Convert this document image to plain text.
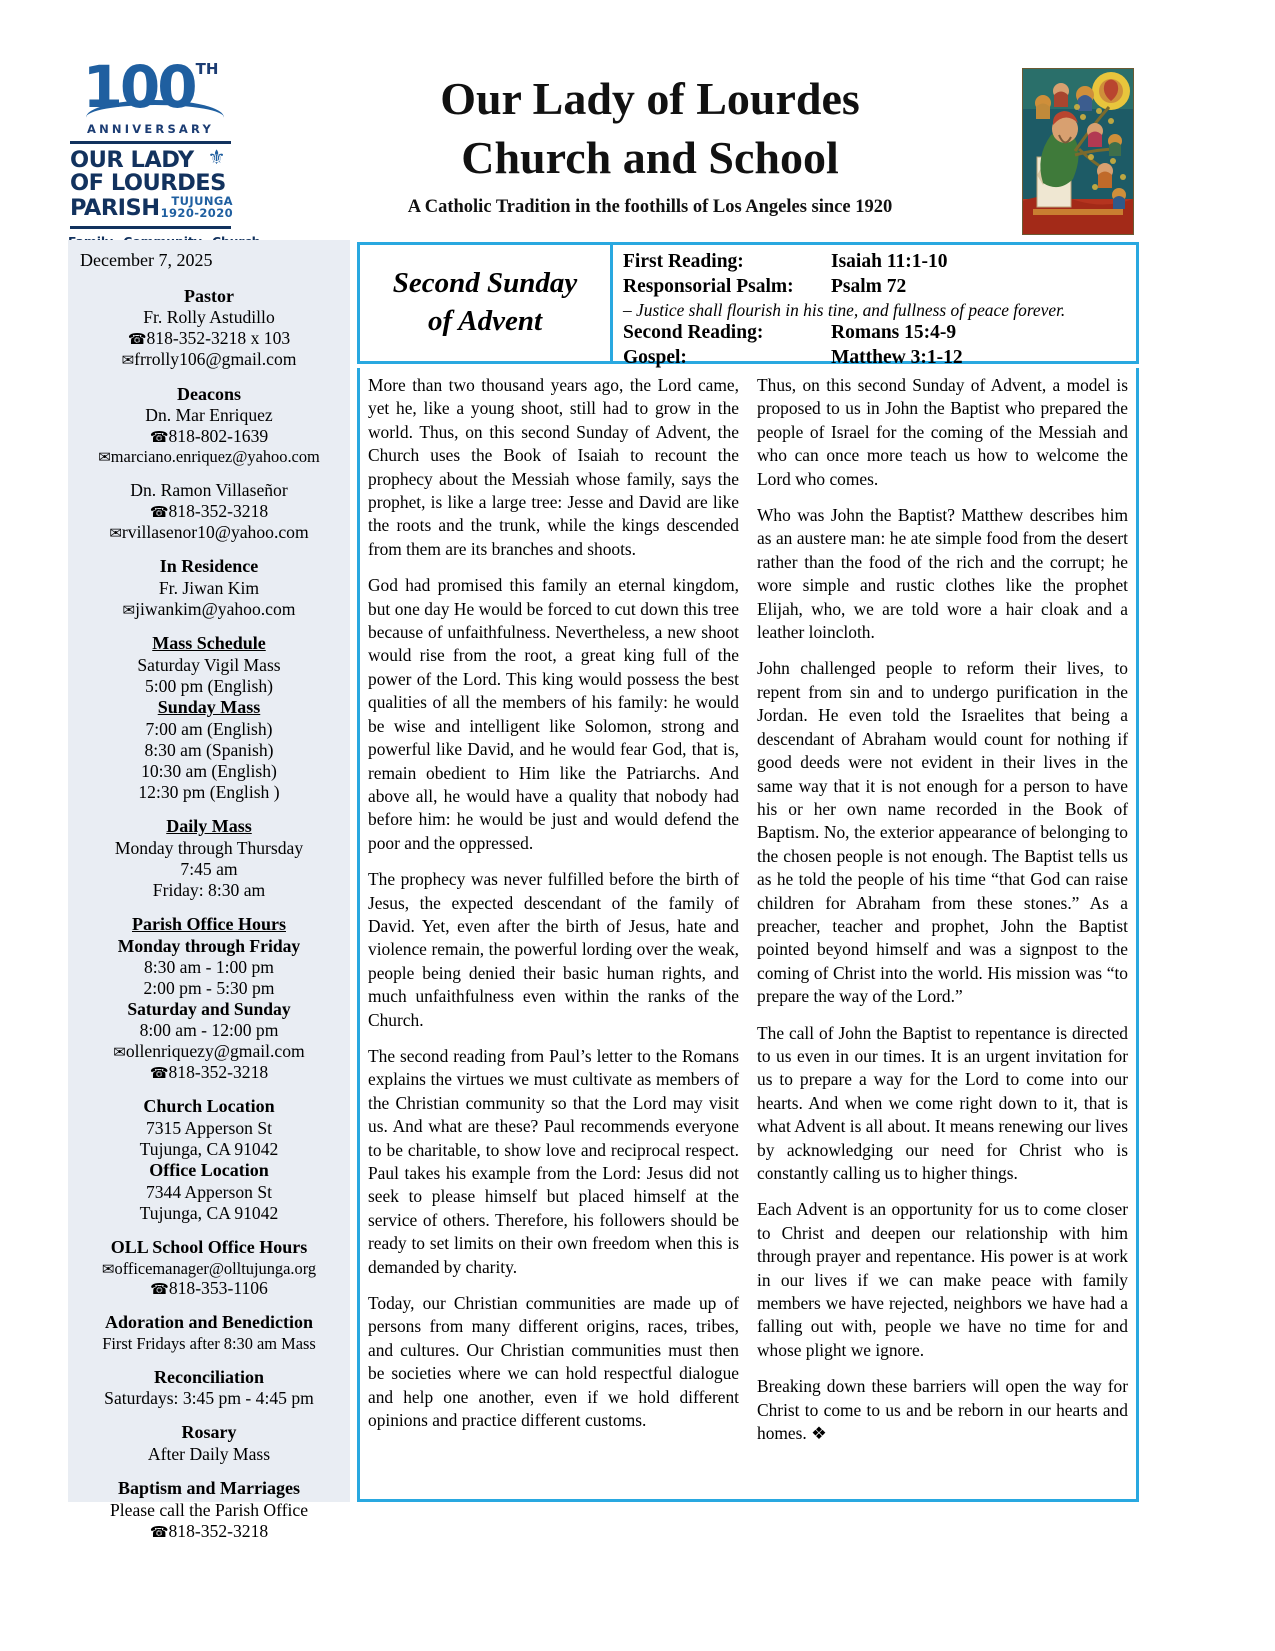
100TH
ANNIVERSARY
OUR LADY ⚜
OF LOURDES
PARISH	TUJUNGA
1920-2020
Our Lady of Lourdes
Church and School
A Catholic Tradition in the foothills of Los Angeles since 1920
December 7, 2025
Pastor
Fr. Rolly Astudillo
☎818-352-3218 x 103
✉frrolly106@gmail.com
Deacons
Dn. Mar Enriquez
☎818-802-1639
✉marciano.enriquez@yahoo.com
Dn. Ramon Villaseñor
☎818-352-3218
✉rvillasenor10@yahoo.com
In Residence
Fr. Jiwan Kim
✉jiwankim@yahoo.com
Mass Schedule
Saturday Vigil Mass
5:00 pm (English)
Sunday Mass
7:00 am (English)
8:30 am (Spanish)
10:30 am (English)
12:30 pm (English )
Daily Mass
Monday through Thursday
7:45 am
Friday: 8:30 am
Parish Office Hours
Monday through Friday
8:30 am - 1:00 pm
2:00 pm - 5:30 pm
Saturday and Sunday
8:00 am - 12:00 pm
✉ollenriquezy@gmail.com
☎818-352-3218
Church Location
7315 Apperson St
Tujunga, CA 91042
Office Location
7344 Apperson St
Tujunga, CA 91042
OLL School Office Hours
✉officemanager@olltujunga.org
☎818-353-1106
Adoration and Benediction
First Fridays after 8:30 am Mass
Reconciliation
Saturdays: 3:45 pm - 4:45 pm
Rosary
After Daily Mass
Baptism and Marriages
Please call the Parish Office
☎818-352-3218
Second Sunday
of Advent
First Reading:	Isaiah 11:1-10
Responsorial Psalm:	Psalm 72
– Justice shall flourish in his tine, and fullness of peace forever.
Second Reading:	Romans 15:4-9
Gospel:	Matthew 3:1-12

More than two thousand years ago, the Lord came, yet he, like a young shoot, still had to grow in the world. Thus, on this second Sunday of Advent, the Church uses the Book of Isaiah to recount the prophecy about the Messiah whose family, says the prophet, is like a large tree: Jesse and David are like the roots and the trunk, while the kings descended from them are its branches and shoots.

God had promised this family an eternal kingdom, but one day He would be forced to cut down this tree because of unfaithfulness. Nevertheless, a new shoot would rise from the root, a great king full of the power of the Lord. This king would possess the best qualities of all the members of his family: he would be wise and intelligent like Solomon, strong and powerful like David, and he would fear God, that is, remain obedient to Him like the Patriarchs. And above all, he would have a quality that nobody had before him: he would be just and would defend the poor and the oppressed.

The prophecy was never fulfilled before the birth of Jesus, the expected descendant of the family of David. Yet, even after the birth of Jesus, hate and violence remain, the powerful lording over the weak, people being denied their basic human rights, and much unfaithfulness even within the ranks of the Church.

The second reading from Paul’s letter to the Romans explains the virtues we must cultivate as members of the Christian community so that the Lord may visit us. And what are these? Paul recommends everyone to be charitable, to show love and reciprocal respect. Paul takes his example from the Lord: Jesus did not seek to please himself but placed himself at the service of others. Therefore, his followers should be ready to set limits on their own freedom when this is demanded by charity.

Today, our Christian communities are made up of persons from many different origins, races, tribes, and cultures. Our Christian communities must then be societies where we can hold respectful dialogue and help one another, even if we hold different opinions and practice different customs.

Thus, on this second Sunday of Advent, a model is proposed to us in John the Baptist who prepared the people of Israel for the coming of the Messiah and who can once more teach us how to welcome the Lord who comes.

Who was John the Baptist? Matthew describes him as an austere man: he ate simple food from the desert rather than the food of the rich and the corrupt; he wore simple and rustic clothes like the prophet Elijah, who, we are told wore a hair cloak and a leather loincloth.

John challenged people to reform their lives, to repent from sin and to undergo purification in the Jordan. He even told the Israelites that being a descendant of Abraham would count for nothing if good deeds were not evident in their lives in the same way that it is not enough for a person to have his or her own name recorded in the Book of Baptism. No, the exterior appearance of belonging to the chosen people is not enough. The Baptist tells us as he told the people of his time “that God can raise children for Abraham from these stones.” As a preacher, teacher and prophet, John the Baptist pointed beyond himself and was a signpost to the coming of Christ into the world. His mission was “to prepare the way of the Lord.”

The call of John the Baptist to repentance is directed to us even in our times. It is an urgent invitation for us to prepare a way for the Lord to come into our hearts. And when we come right down to it, that is what Advent is all about. It means renewing our lives by acknowledging our need for Christ who is constantly calling us to higher things.

Each Advent is an opportunity for us to come closer to Christ and deepen our relationship with him through prayer and repentance. His power is at work in our lives if we can make peace with family members we have rejected, neighbors we have had a falling out with, people we have no time for and whose plight we ignore.

Breaking down these barriers will open the way for Christ to come to us and be reborn in our hearts and homes. ❖
